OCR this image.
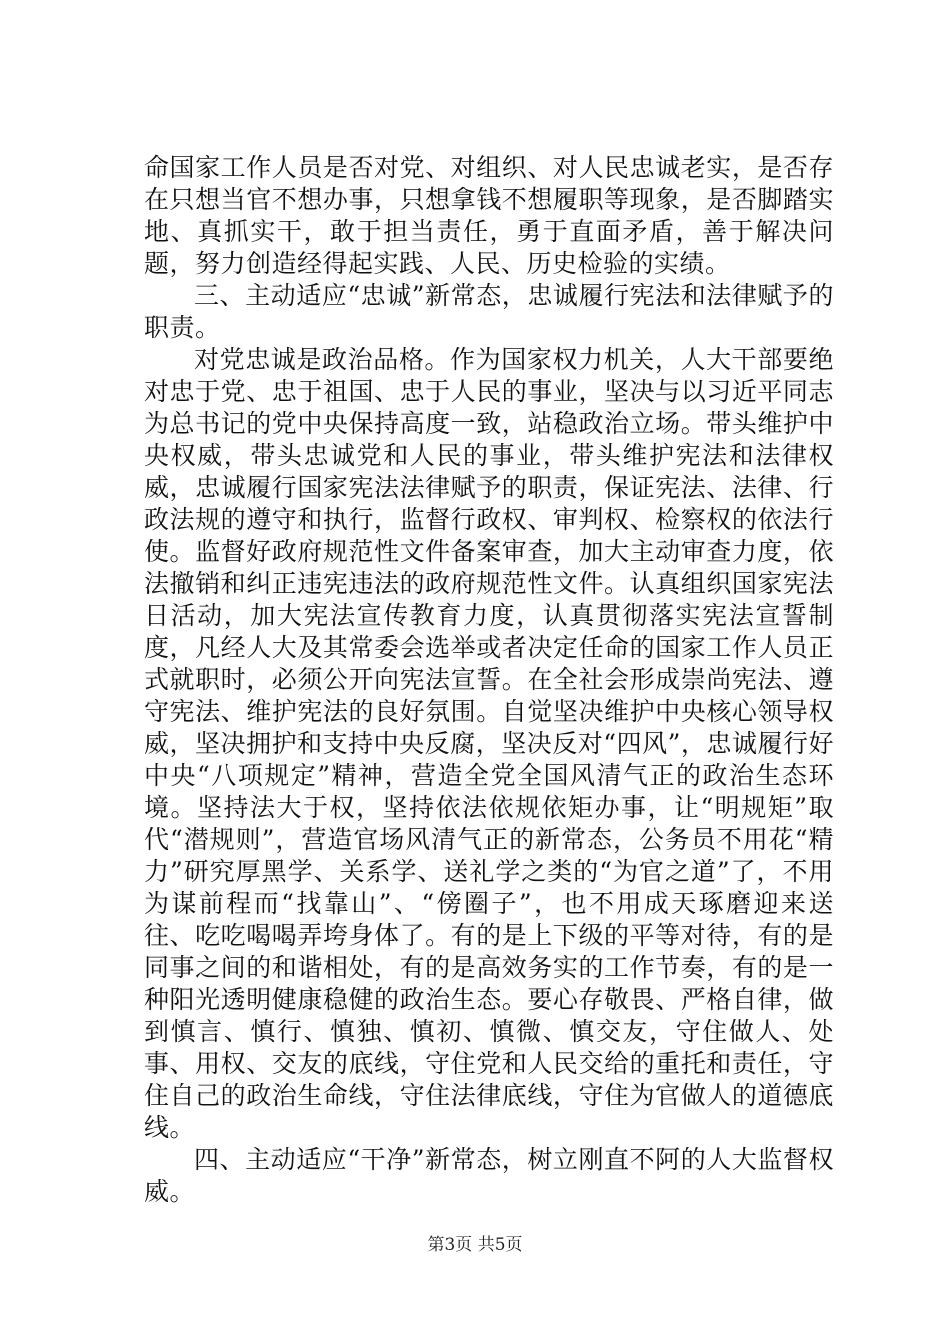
命国家工作人员是否对党、对组织、对人民忠诚老实，是否存在只想当官不想办事，只想拿钱不想履职等现象，是否脚踏实地、真抓实干，敢于担当责任，勇于直面矛盾，善于解决问题，努力创造经得起实践、人民、历史检验的实绩。

三、主动适应“忠诚”新常态，忠诚履行宪法和法律赋予的职责。

对党忠诚是政治品格。作为国家权力机关，人大干部要绝对忠于党、忠于祖国、忠于人民的事业，坚决与以习近平同志为总书记的党中央保持高度一致，站稳政治立场。带头维护中央权威，带头忠诚党和人民的事业，带头维护宪法和法律权威，忠诚履行国家宪法法律赋予的职责，保证宪法、法律、行政法规的遵守和执行，监督行政权、审判权、检察权的依法行使。监督好政府规范性文件备案审查，加大主动审查力度，依法撤销和纠正违宪违法的政府规范性文件。认真组织国家宪法日活动，加大宪法宣传教育力度，认真贯彻落实宪法宣誓制度，凡经人大及其常委会选举或者决定任命的国家工作人员正式就职时，必须公开向宪法宣誓。在全社会形成崇尚宪法、遵守宪法、维护宪法的良好氛围。自觉坚决维护中央核心领导权威，坚决拥护和支持中央反腐，坚决反对“四风”，忠诚履行好中央“八项规定”精神，营造全党全国风清气正的政治生态环境。坚持法大于权，坚持依法依规依矩办事，让“明规矩”取代“潜规则”，营造官场风清气正的新常态，公务员不用花“精力”研究厚黑学、关系学、送礼学之类的“为官之道”了，不用为谋前程而“找靠山”、“傍圈子”，也不用成天琢磨迎来送往、吃吃喝喝弄垮身体了。有的是上下级的平等对待，有的是同事之间的和谐相处，有的是高效务实的工作节奏，有的是一种阳光透明健康稳健的政治生态。要心存敬畏、严格自律，做到慎言、慎行、慎独、慎初、慎微、慎交友，守住做人、处事、用权、交友的底线，守住党和人民交给的重托和责任，守住自己的政治生命线，守住法律底线，守住为官做人的道德底线。

四、主动适应“干净”新常态，树立刚直不阿的人大监督权威。

第3页 共5页
